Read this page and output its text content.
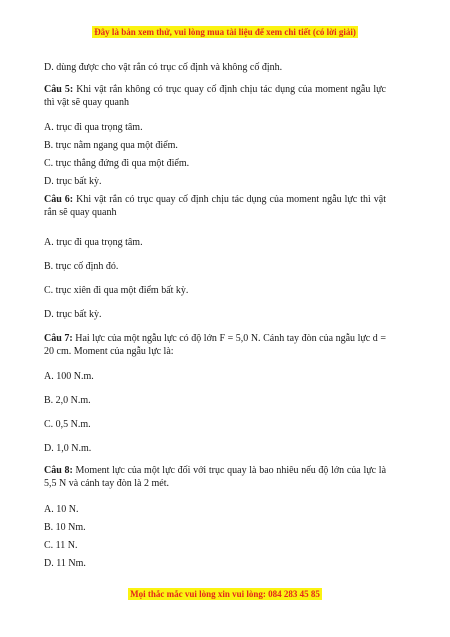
Đây là bản xem thử, vui lòng mua tài liệu để xem chi tiết (có lời giải)
D. dùng được cho vật rắn có trục cố định và không cố định.
Câu 5: Khi vật rắn không có trục quay cố định chịu tác dụng của moment ngẫu lực thì vật sẽ quay quanh
A. trục đi qua trọng tâm.
B. trục nằm ngang qua một điểm.
C. trục thẳng đứng đi qua một điểm.
D. trục bất kỳ.
Câu 6: Khi vật rắn có trục quay cố định chịu tác dụng của moment ngẫu lực thì vật rắn sẽ quay quanh
A. trục đi qua trọng tâm.
B. trục cố định đó.
C. trục xiên đi qua một điểm bất kỳ.
D. trục bất kỳ.
Câu 7: Hai lực của một ngẫu lực có độ lớn F = 5,0 N. Cánh tay đòn của ngẫu lực d = 20 cm. Moment của ngẫu lực là:
A. 100 N.m.
B. 2,0 N.m.
C. 0,5 N.m.
D. 1,0 N.m.
Câu 8: Moment lực của một lực đối với trục quay là bao nhiêu nếu độ lớn của lực là 5,5 N và cánh tay đòn là 2 mét.
A. 10 N.
B. 10 Nm.
C. 11 N.
D. 11 Nm.
Mọi thắc mắc vui lòng xin vui lòng: 084 283 45 85
